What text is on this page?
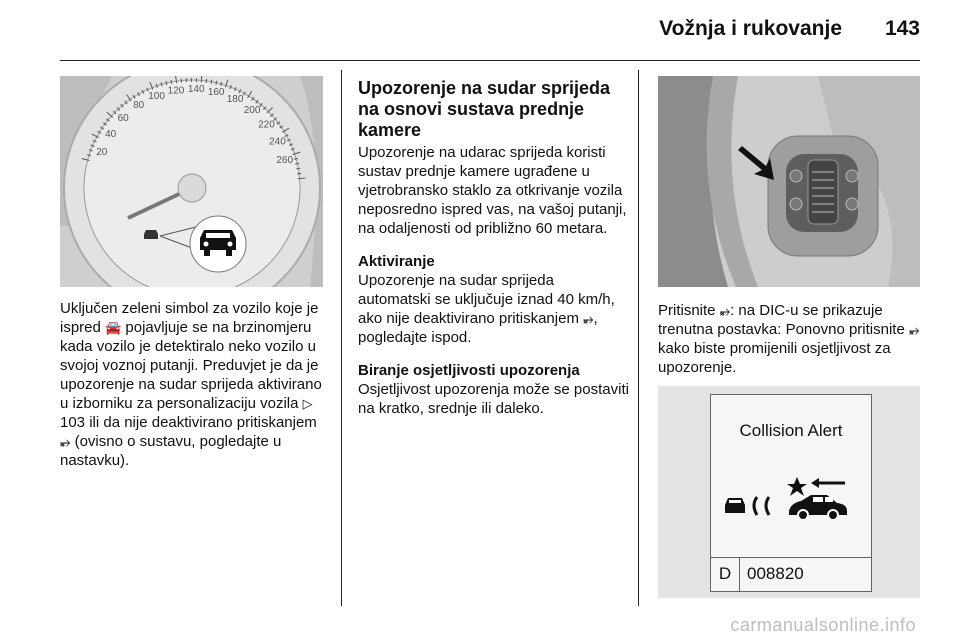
Vožnja i rukovanje 143
20
40
60
80
100 120 140 160
180
200
220
240
260
Collision Alert
D 008820

Uključen zeleni simbol za vozilo koje je ispred 🚘 pojavljuje se na brzinomjeru kada vozilo je detektiralo neko vozilo u svojoj voznoj putanji. Preduvjet je da je upozorenje na sudar sprijeda aktivirano u izborniku za personalizaciju vozila ▷ 103 ili da nije deaktivirano pritiskanjem ⥵ (ovisno o sustavu, pogledajte u nastavku).

Upozorenje na sudar sprijeda na osnovi sustava prednje kamere

Upozorenje na udarac sprijeda koristi sustav prednje kamere ugrađene u vjetrobransko staklo za otkrivanje vozila neposredno ispred vas, na vašoj putanji, na odaljenosti od približno 60 metara.

Aktiviranje

Upozorenje na sudar sprijeda automatski se uključuje iznad 40 km/h, ako nije deaktivirano pritiskanjem ⥵, pogledajte ispod.

Biranje osjetljivosti upozorenja

Osjetljivost upozorenja može se postaviti na kratko, srednje ili daleko.

Pritisnite ⥵: na DIC-u se prikazuje trenutna postavka: Ponovno pritisnite ⥵ kako biste promijenili osjetljivost za upozorenje.

carmanualsonline.info
